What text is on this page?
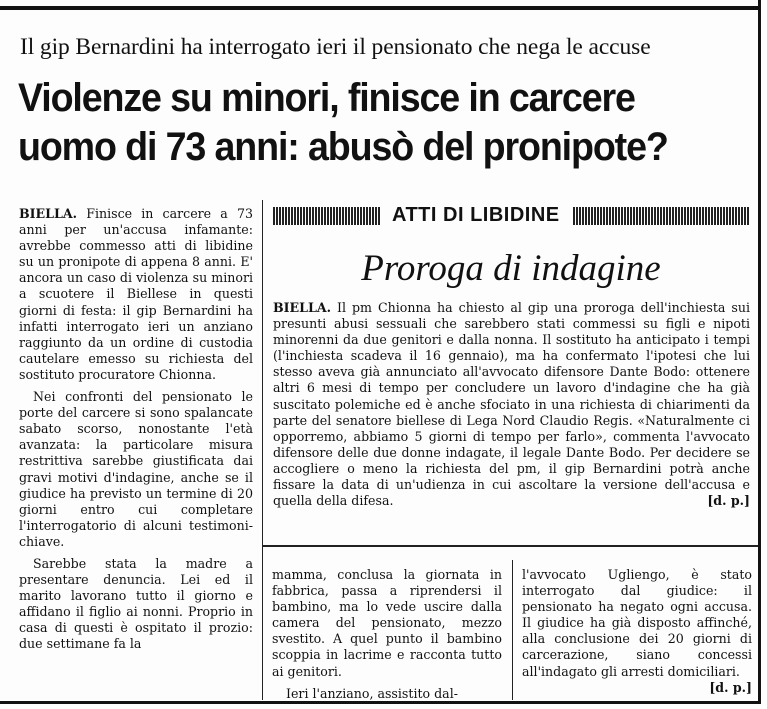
Il gip Bernardini ha interrogato ieri il pensionato che nega le accuse
Violenze su minori, finisce in carcere
uomo di 73 anni: abusò del pronipote?

BIELLA. Finisce in carcere a 73 anni per un'accusa infamante: avrebbe commesso atti di libidine su un pronipote di appena 8 anni. E' ancora un caso di violenza su minori a scuotere il Biellese in questi giorni di festa: il gip Bernardini ha infatti interrogato ieri un anziano raggiunto da un ordine di custodia cautelare emesso su richiesta del sostituto procuratore Chionna.

Nei confronti del pensionato le porte del carcere si sono spalancate sabato scorso, nonostante l'età avanzata: la particolare misura restrittiva sarebbe giustificata dai gravi motivi d'indagine, anche se il giudice ha previsto un termine di 20 giorni entro cui completare l'interrogatorio di alcuni testimoni-chiave.

Sarebbe stata la madre a presentare denuncia. Lei ed il marito lavorano tutto il giorno e affidano il figlio ai nonni. Proprio in casa di questi è ospitato il prozio: due settimane fa la

ATTI DI LIBIDINE
Proroga di indagine

BIELLA. Il pm Chionna ha chiesto al gip una proroga dell'inchiesta sui presunti abusi sessuali che sarebbero stati commessi su figli e nipoti minorenni da due genitori e dalla nonna. Il sostituto ha anticipato i tempi (l'inchiesta scadeva il 16 gennaio), ma ha confermato l'ipotesi che lui stesso aveva già annunciato all'avvocato difensore Dante Bodo: ottenere altri 6 mesi di tempo per concludere un lavoro d'indagine che ha già suscitato polemiche ed è anche sfociato in una richiesta di chiarimenti da parte del senatore biellese di Lega Nord Claudio Regis. «Naturalmente ci opporremo, abbiamo 5 giorni di tempo per farlo», commenta l'avvocato difensore delle due donne indagate, il legale Dante Bodo. Per decidere se accogliere o meno la richiesta del pm, il gip Bernardini potrà anche fissare la data di un'udienza in cui ascoltare la versione dell'accusa e quella della difesa.	[d. p.]

mamma, conclusa la giornata in fabbrica, passa a riprendersi il bambino, ma lo vede uscire dalla camera del pensionato, mezzo svestito. A quel punto il bambino scoppia in lacrime e racconta tutto ai genitori.

Ieri l'anziano, assistito dal-

l'avvocato Ugliengo, è stato interrogato dal giudice: il pensionato ha negato ogni accusa. Il giudice ha già disposto affinché, alla conclusione dei 20 giorni di carcerazione, siano concessi all'indagato gli arresti domiciliari.
[d. p.]
